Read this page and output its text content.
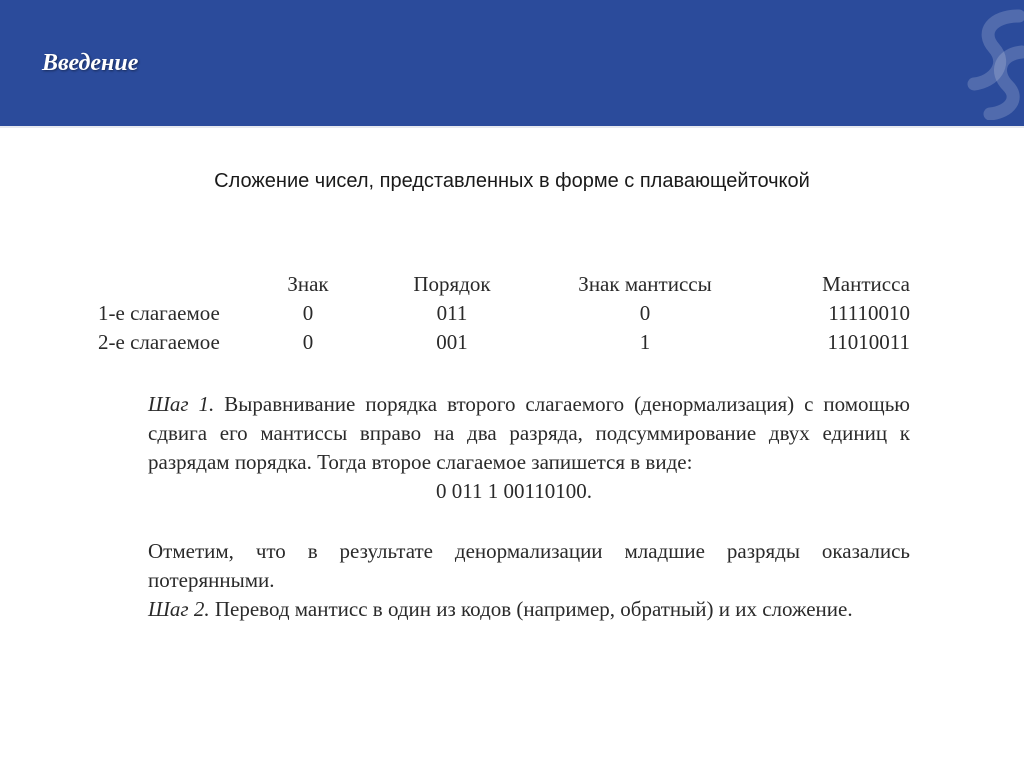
Введение
Сложение чисел, представленных в форме с плавающейточкой
	Знак	Порядок	Знак мантиссы	Мантисса
1-е слагаемое	0	011	0	11110010
2-е слагаемое	0	001	1	11010011

Шаг 1. Выравнивание порядка второго слагаемого (денормализация) с помощью сдвига его мантиссы вправо на два разряда, подсуммирование двух единиц к разрядам порядка. Тогда второе слагаемое запишется в виде:

0 011 1 00110100.

Отметим, что в результате денормализации младшие разряды оказались потерянными.

Шаг 2. Перевод мантисс в один из кодов (например, обратный) и их сложение.
